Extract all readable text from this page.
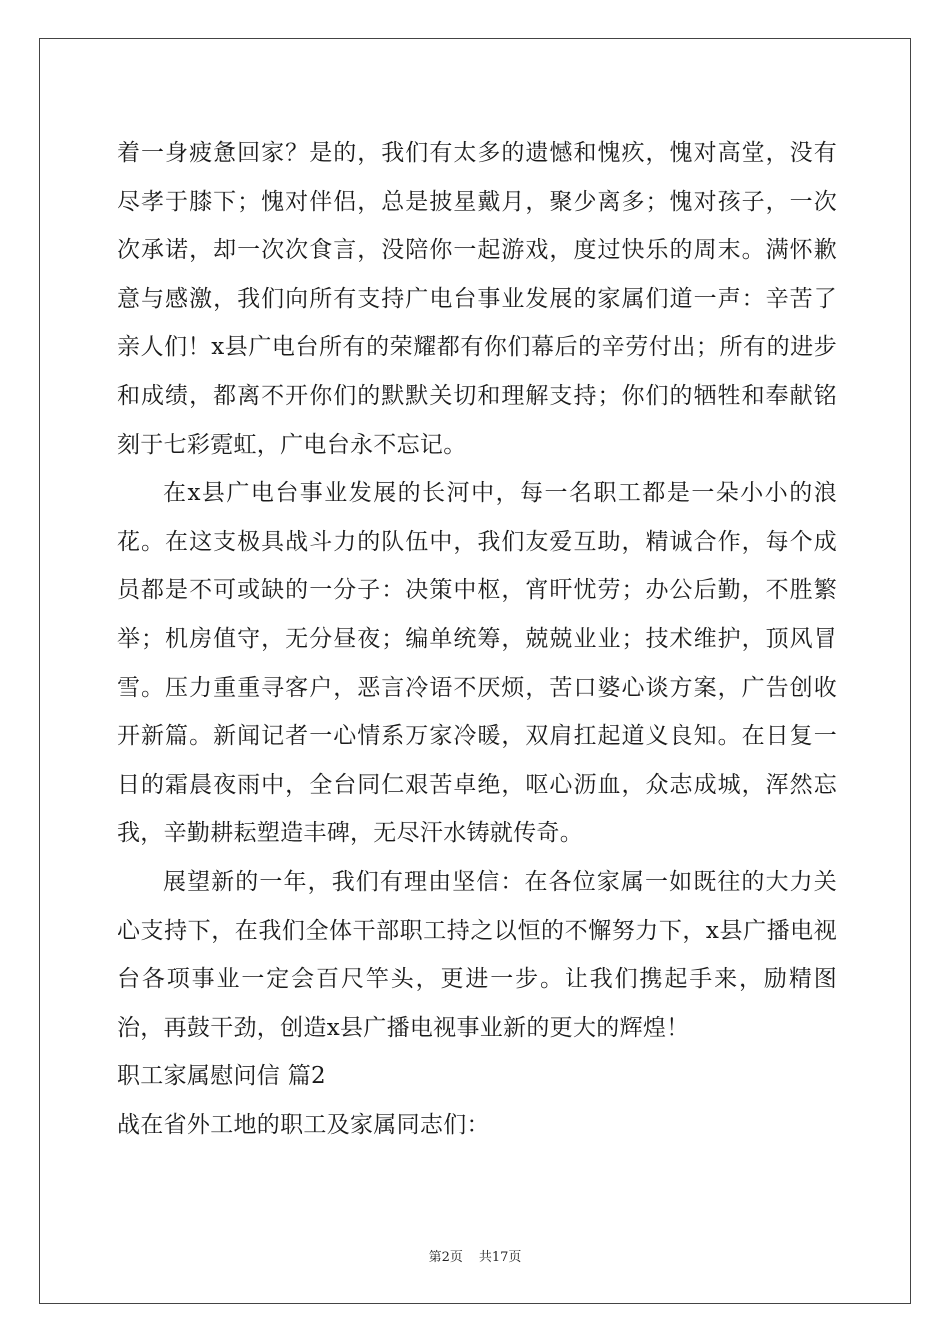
着一身疲惫回家？是的，我们有太多的遗憾和愧疚，愧对高堂，没有尽孝于膝下；愧对伴侣，总是披星戴月，聚少离多；愧对孩子，一次次承诺，却一次次食言，没陪你一起游戏，度过快乐的周末。满怀歉意与感激，我们向所有支持广电台事业发展的家属们道一声：辛苦了亲人们！x县广电台所有的荣耀都有你们幕后的辛劳付出；所有的进步和成绩，都离不开你们的默默关切和理解支持；你们的牺牲和奉献铭刻于七彩霓虹，广电台永不忘记。

在x县广电台事业发展的长河中，每一名职工都是一朵小小的浪花。在这支极具战斗力的队伍中，我们友爱互助，精诚合作，每个成员都是不可或缺的一分子：决策中枢，宵旰忧劳；办公后勤，不胜繁举；机房值守，无分昼夜；编单统筹，兢兢业业；技术维护，顶风冒雪。压力重重寻客户，恶言冷语不厌烦，苦口婆心谈方案，广告创收开新篇。新闻记者一心情系万家冷暖，双肩扛起道义良知。在日复一日的霜晨夜雨中，全台同仁艰苦卓绝，呕心沥血，众志成城，浑然忘我，辛勤耕耘塑造丰碑，无尽汗水铸就传奇。

展望新的一年，我们有理由坚信：在各位家属一如既往的大力关心支持下，在我们全体干部职工持之以恒的不懈努力下，x县广播电视台各项事业一定会百尺竿头，更进一步。让我们携起手来，励精图治，再鼓干劲，创造x县广播电视事业新的更大的辉煌！

职工家属慰问信 篇2

战在省外工地的职工及家属同志们：

第2页 共17页
